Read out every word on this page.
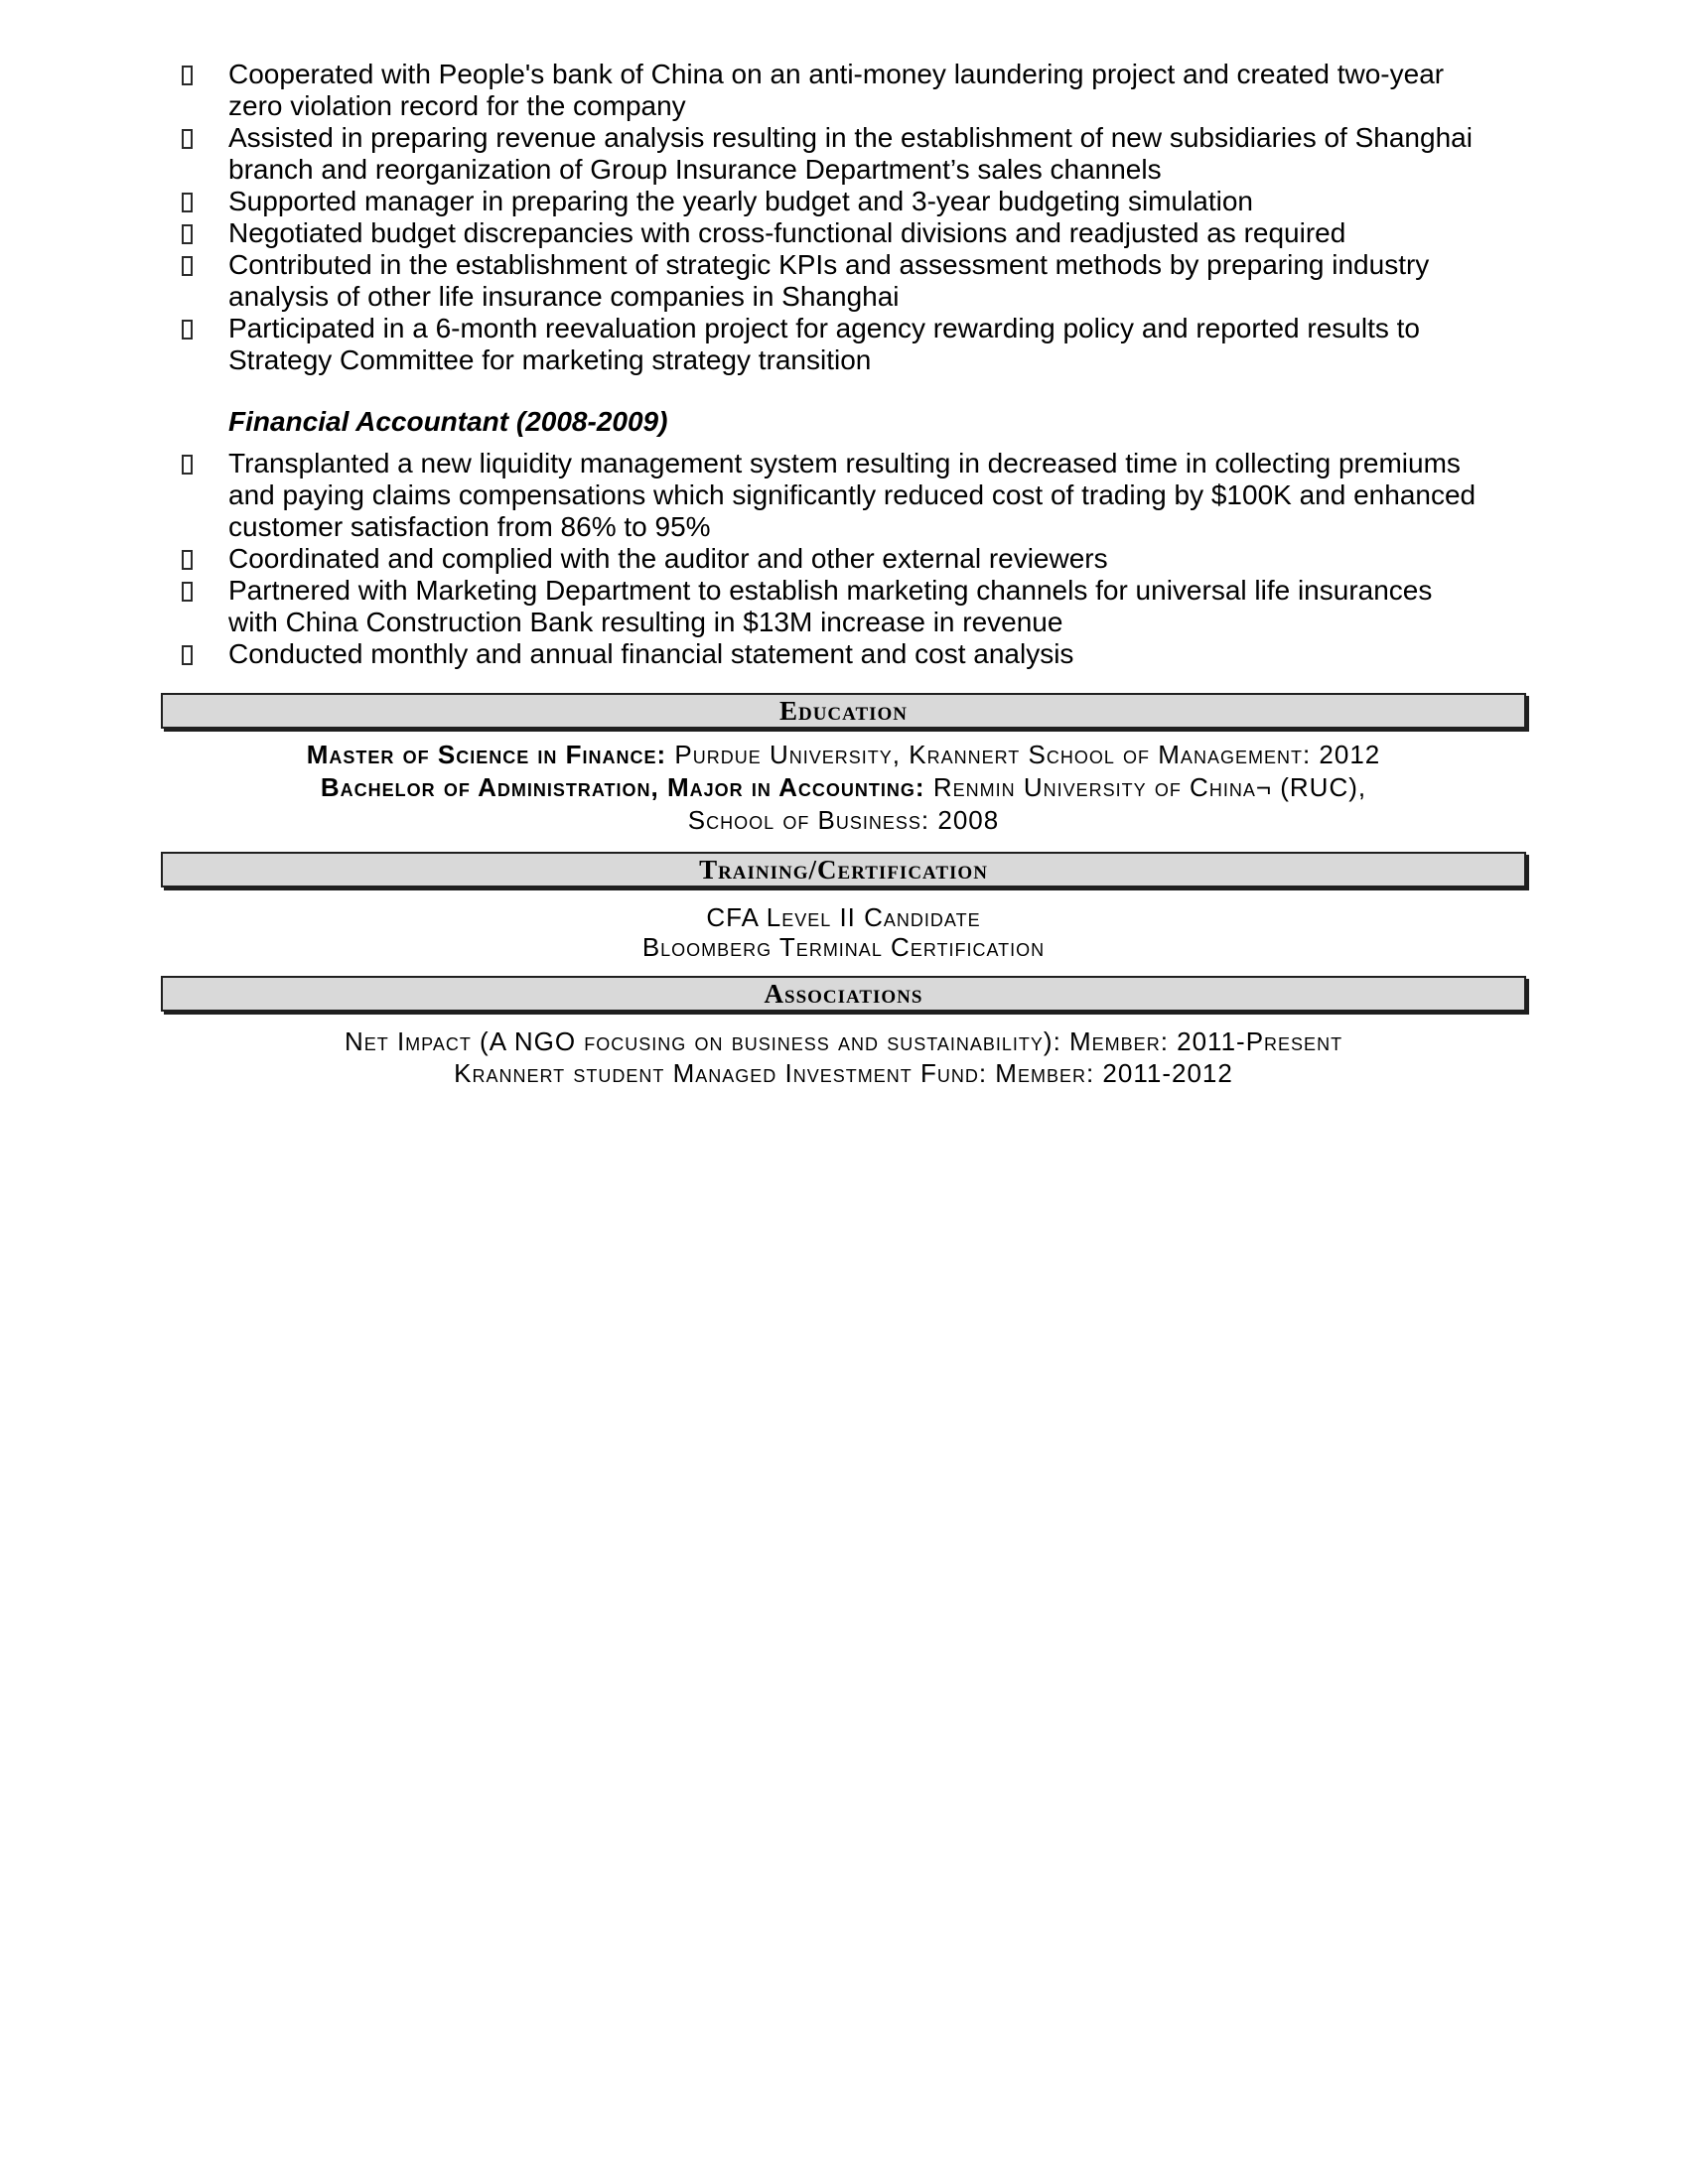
Cooperated with People's bank of China on an anti-money laundering project and created two-year zero violation record for the company
Assisted in preparing revenue analysis resulting in the establishment of new subsidiaries of Shanghai branch and reorganization of Group Insurance Department’s sales channels
Supported manager in preparing the yearly budget and 3-year budgeting simulation
Negotiated budget discrepancies with cross-functional divisions and readjusted as required
Contributed in the establishment of strategic KPIs and assessment methods by preparing industry analysis of other life insurance companies in Shanghai
Participated in a 6-month reevaluation project for agency rewarding policy and reported results to Strategy Committee for marketing strategy transition
Financial Accountant (2008-2009)
Transplanted a new liquidity management system resulting in decreased time in collecting premiums and paying claims compensations which significantly reduced cost of trading by $100K and enhanced customer satisfaction from 86% to 95%
Coordinated and complied with the auditor and other external reviewers
Partnered with Marketing Department to establish marketing channels for universal life insurances with China Construction Bank resulting in $13M increase in revenue
Conducted monthly and annual financial statement and cost analysis
Education
Master of Science in Finance: Purdue University, Krannert School of Management: 2012
Bachelor of Administration, Major in Accounting: Renmin University of China¬ (RUC),
School of Business: 2008
Training/Certification
CFA Level II Candidate
Bloomberg Terminal Certification
Associations
Net Impact (A NGO focusing on business and sustainability): Member: 2011-Present
Krannert student Managed Investment Fund: Member: 2011-2012
